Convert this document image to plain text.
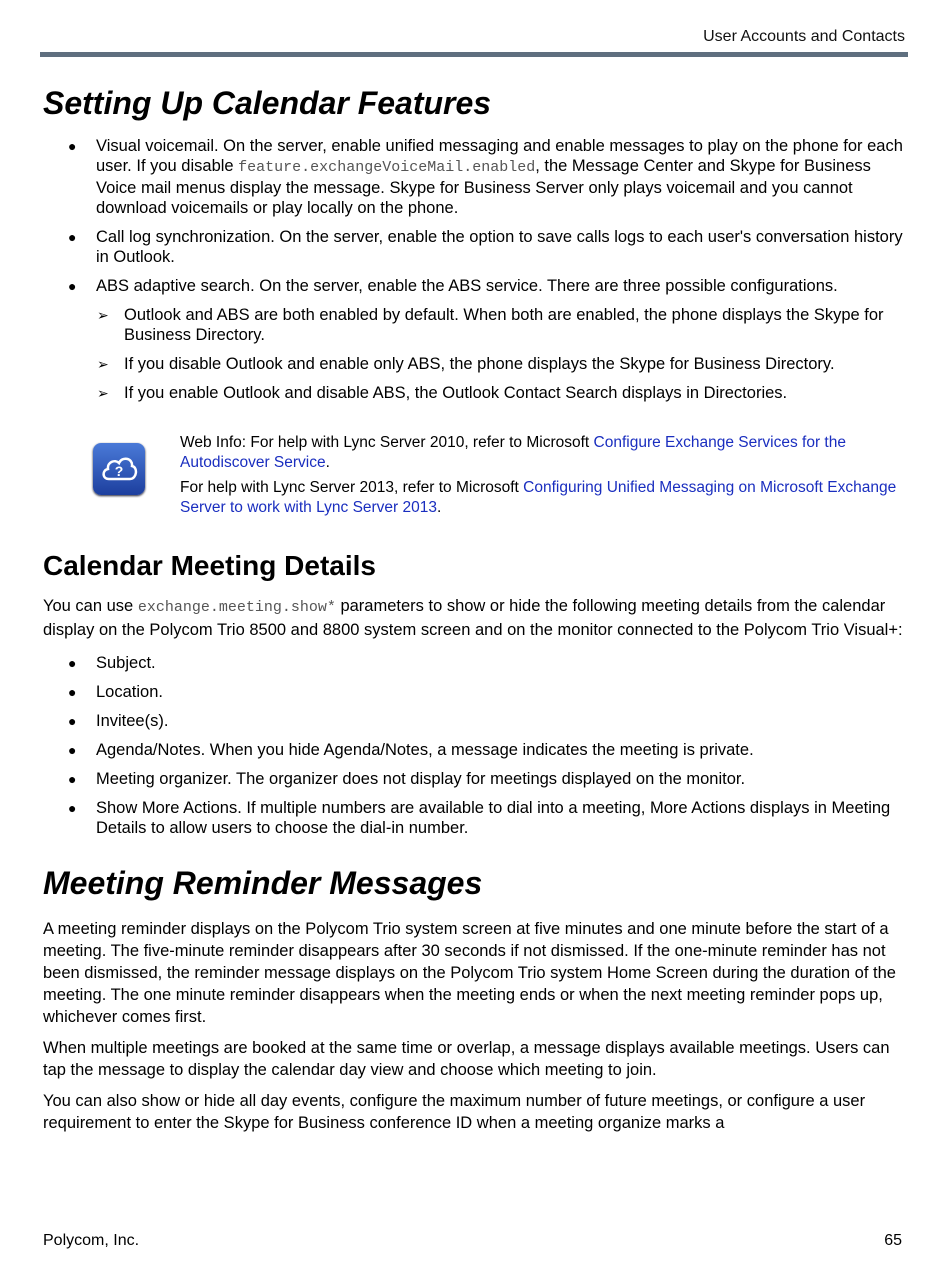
User Accounts and Contacts
Setting Up Calendar Features
● Visual voicemail. On the server, enable unified messaging and enable messages to play on the phone for each user. If you disable feature.exchangeVoiceMail.enabled, the Message Center and Skype for Business Voice mail menus display the message. Skype for Business Server only plays voicemail and you cannot download voicemails or play locally on the phone.
● Call log synchronization. On the server, enable the option to save calls logs to each user's conversation history in Outlook.
● ABS adaptive search. On the server, enable the ABS service. There are three possible configurations.
➢ Outlook and ABS are both enabled by default. When both are enabled, the phone displays the Skype for Business Directory.
➢ If you disable Outlook and enable only ABS, the phone displays the Skype for Business Directory.
➢ If you enable Outlook and disable ABS, the Outlook Contact Search displays in Directories.
?

Web Info: For help with Lync Server 2010, refer to Microsoft Configure Exchange Services for the Autodiscover Service.

For help with Lync Server 2013, refer to Microsoft Configuring Unified Messaging on Microsoft Exchange Server to work with Lync Server 2013.

Calendar Meeting Details

You can use exchange.meeting.show* parameters to show or hide the following meeting details from the calendar display on the Polycom Trio 8500 and 8800 system screen and on the monitor connected to the Polycom Trio Visual+:

● Subject.
● Location.
● Invitee(s).
● Agenda/Notes. When you hide Agenda/Notes, a message indicates the meeting is private.
● Meeting organizer. The organizer does not display for meetings displayed on the monitor.
● Show More Actions. If multiple numbers are available to dial into a meeting, More Actions displays in Meeting Details to allow users to choose the dial-in number.
Meeting Reminder Messages

A meeting reminder displays on the Polycom Trio system screen at five minutes and one minute before the start of a meeting. The five-minute reminder disappears after 30 seconds if not dismissed. If the one-minute reminder has not been dismissed, the reminder message displays on the Polycom Trio system Home Screen during the duration of the meeting. The one minute reminder disappears when the meeting ends or when the next meeting reminder pops up, whichever comes first.

When multiple meetings are booked at the same time or overlap, a message displays available meetings. Users can tap the message to display the calendar day view and choose which meeting to join.

You can also show or hide all day events, configure the maximum number of future meetings, or configure a user requirement to enter the Skype for Business conference ID when a meeting organize marks a

Polycom, Inc.	65
